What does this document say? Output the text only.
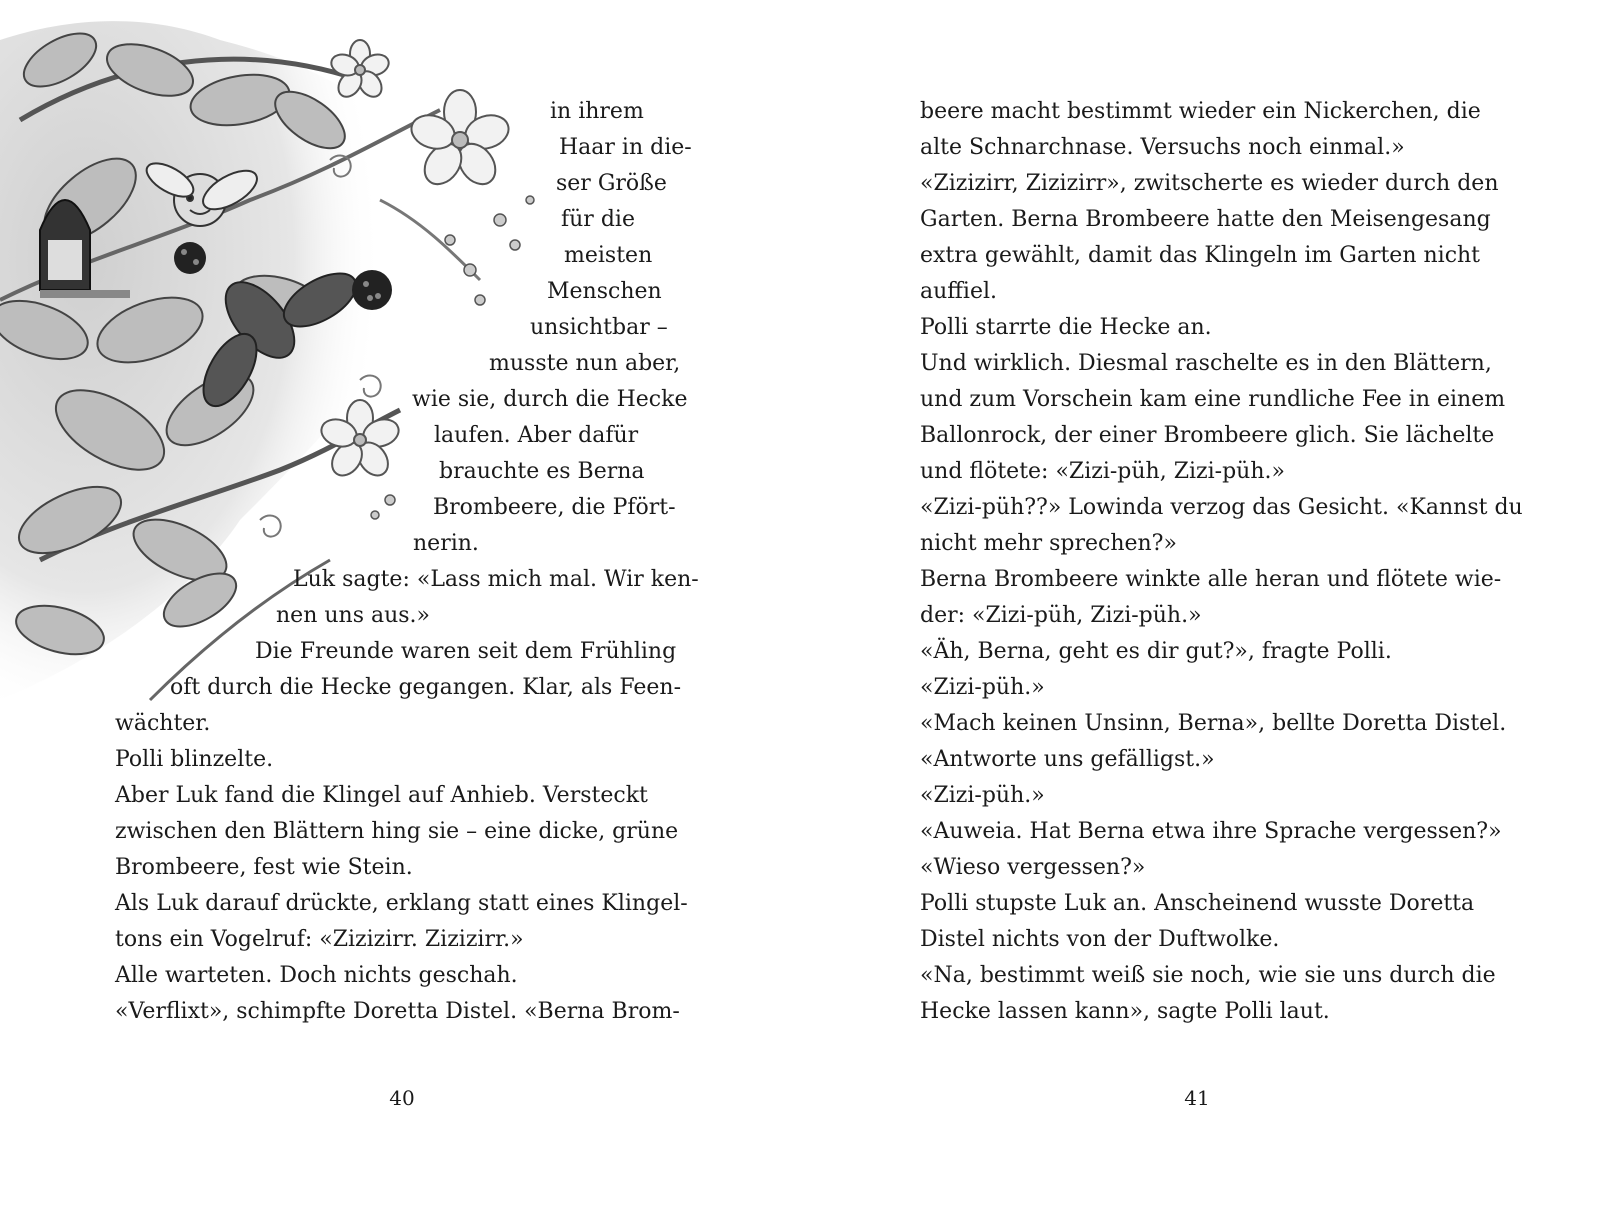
in ihrem

Haar in die-

ser Größe

für die

meisten

Menschen

unsichtbar –

musste nun aber,

wie sie, durch die Hecke

laufen. Aber dafür

brauchte es Berna

Brombeere, die Pfört-

nerin.

Luk sagte: «Lass mich mal. Wir ken-

nen uns aus.»

Die Freunde waren seit dem Frühling

oft durch die Hecke gegangen. Klar, als Feen-

wächter.

Polli blinzelte.

Aber Luk fand die Klingel auf Anhieb. Versteckt

zwischen den Blättern hing sie – eine dicke, grüne

Brombeere, fest wie Stein.

Als Luk darauf drückte, erklang statt eines Klingel-

tons ein Vogelruf: «Zizizirr. Zizizirr.»

Alle warteten. Doch nichts geschah.

«Verflixt», schimpfte Doretta Distel. «Berna Brom-

40

beere macht bestimmt wieder ein Nickerchen, die

alte Schnarchnase. Versuchs noch einmal.»

«Zizizirr, Zizizirr», zwitscherte es wieder durch den

Garten. Berna Brombeere hatte den Meisengesang

extra gewählt, damit das Klingeln im Garten nicht

auffiel.

Polli starrte die Hecke an.

Und wirklich. Diesmal raschelte es in den Blättern,

und zum Vorschein kam eine rundliche Fee in einem

Ballonrock, der einer Brombeere glich. Sie lächelte

und flötete: «Zizi-püh, Zizi-püh.»

«Zizi-püh??» Lowinda verzog das Gesicht. «Kannst du

nicht mehr sprechen?»

Berna Brombeere winkte alle heran und flötete wie-

der: «Zizi-püh, Zizi-püh.»

«Äh, Berna, geht es dir gut?», fragte Polli.

«Zizi-püh.»

«Mach keinen Unsinn, Berna», bellte Doretta Distel.

«Antworte uns gefälligst.»

«Zizi-püh.»

«Auweia. Hat Berna etwa ihre Sprache vergessen?»

«Wieso vergessen?»

Polli stupste Luk an. Anscheinend wusste Doretta

Distel nichts von der Duftwolke.

«Na, bestimmt weiß sie noch, wie sie uns durch die

Hecke lassen kann», sagte Polli laut.

41
